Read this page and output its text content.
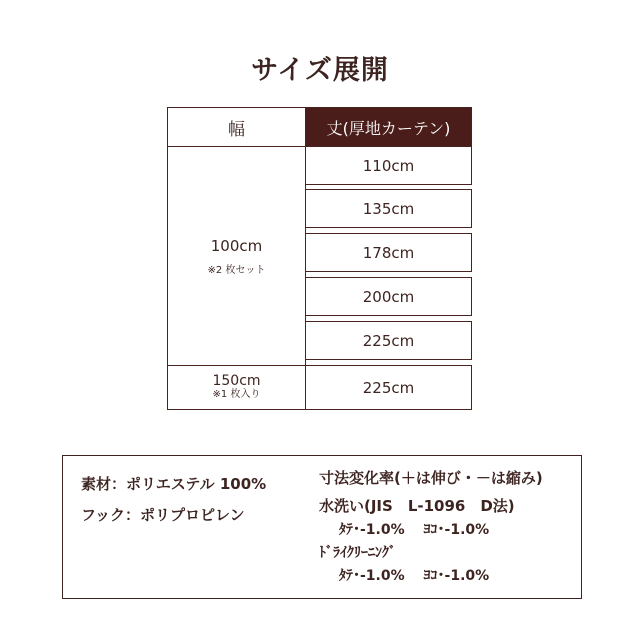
サイズ展開
幅	丈(厚地カーテン)
100cm
※2 枚セット
150cm
※1 枚入り
110cm
135cm
178cm
200cm
225cm
225cm
素材：ポリエステル 100%
フック：ポリプロピレン
寸法変化率(＋は伸び・－は縮み)
水洗い(JIS　L-1096　D法)
ﾀﾃ･-1.0%　 ﾖｺ･-1.0%
ﾄﾞﾗｲｸﾘｰﾆﾝｸﾞ
ﾀﾃ･-1.0%　 ﾖｺ･-1.0%
